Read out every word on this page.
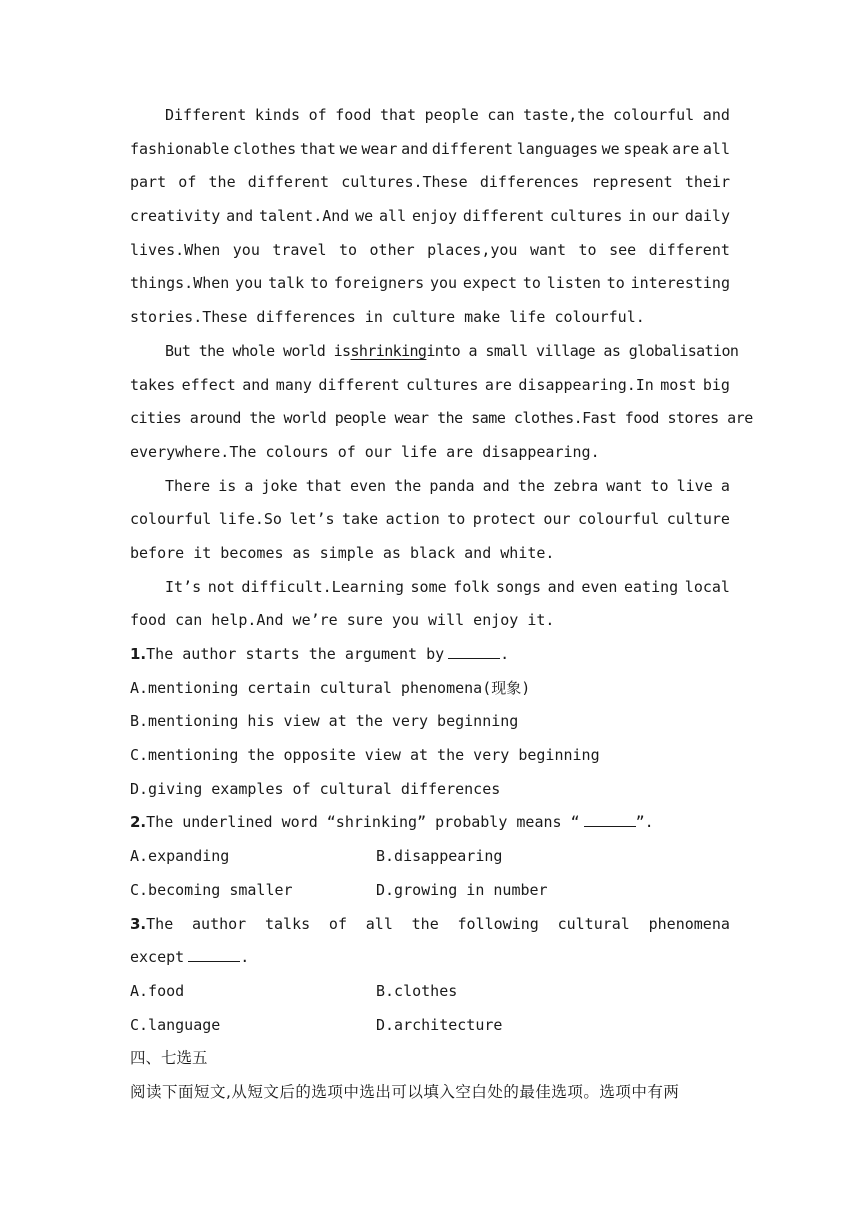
Different kinds of food that people can taste,the colourful and
fashionable clothes that we wear and different languages we speak are all
part of the different cultures.These differences represent their
creativity and talent.And we all enjoy different cultures in our daily
lives.When you travel to other places,you want to see different
things.When you talk to foreigners you expect to listen to interesting
stories.These differences in culture make life colourful.
But the whole world is shrinking into a small village as globalisation
takes effect and many different cultures are disappearing.In most big
cities around the world people wear the same clothes.Fast food stores are
everywhere.The colours of our life are disappearing.
There is a joke that even the panda and the zebra want to live a
colourful life.So let’s take action to protect our colourful culture
before it becomes as simple as black and white.
It’s not difficult.Learning some folk songs and even eating local
food can help.And we’re sure you will enjoy it.
1.The author starts the argument by	.
A.mentioning certain cultural phenomena(现象)
B.mentioning his view at the very beginning
C.mentioning the opposite view at the very beginning
D.giving examples of cultural differences
2.The underlined word “shrinking” probably means “	”.
A.expanding	B.disappearing
C.becoming smaller	D.growing in number
3.The author talks of all the following cultural phenomena
except	.
A.food	B.clothes
C.language	D.architecture
四、七选五
阅读下面短文,从短文后的选项中选出可以填入空白处的最佳选项。选项中有两
